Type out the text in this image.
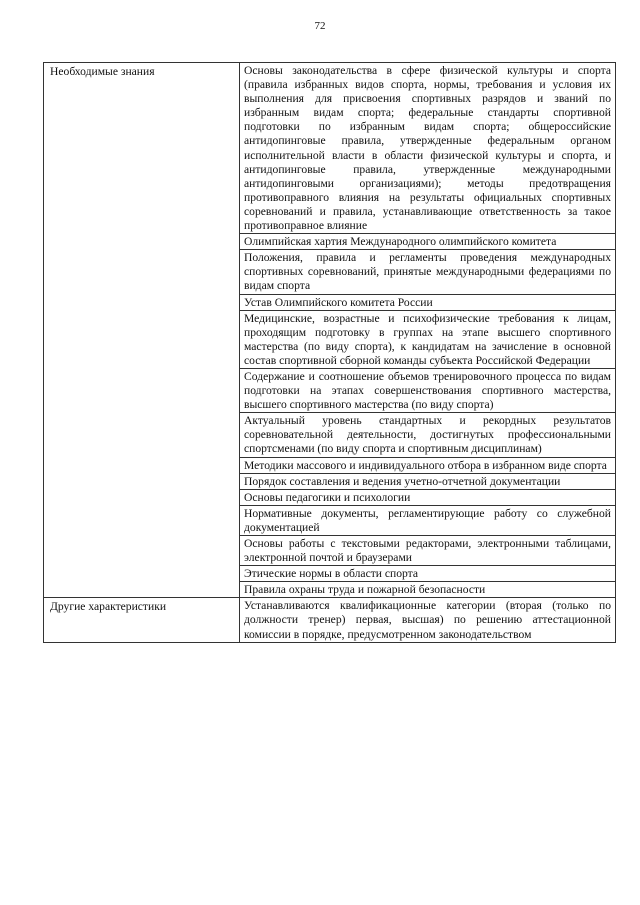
72
Необходимые знания	Основы законодательства в сфере физической культуры и спорта (правила избранных видов спорта, нормы, требования и условия их выполнения для присвоения спортивных разрядов и званий по избранным видам спорта; федеральные стандарты спортивной подготовки по избранным видам спорта; общероссийские антидопинговые правила, утвержденные федеральным органом исполнительной власти в области физической культуры и спорта, и антидопинговые правила, утвержденные международными антидопинговыми организациями); методы предотвращения противоправного влияния на результаты официальных спортивных соревнований и правила, устанавливающие ответственность за такое противоправное влияние
	Олимпийская хартия Международного олимпийского комитета
	Положения, правила и регламенты проведения международных спортивных соревнований, принятые международными федерациями по видам спорта
	Устав Олимпийского комитета России
	Медицинские, возрастные и психофизические требования к лицам, проходящим подготовку в группах на этапе высшего спортивного мастерства (по виду спорта), к кандидатам на зачисление в основной состав спортивной сборной команды субъекта Российской Федерации
	Содержание и соотношение объемов тренировочного процесса по видам подготовки на этапах совершенствования спортивного мастерства, высшего спортивного мастерства (по виду спорта)
	Актуальный уровень стандартных и рекордных результатов соревновательной деятельности, достигнутых профессиональными спортсменами (по виду спорта и спортивным дисциплинам)
	Методики массового и индивидуального отбора в избранном виде спорта
	Порядок составления и ведения учетно-отчетной документации
	Основы педагогики и психологии
	Нормативные документы, регламентирующие работу со служебной документацией
	Основы работы с текстовыми редакторами, электронными таблицами, электронной почтой и браузерами
	Этические нормы в области спорта
	Правила охраны труда и пожарной безопасности
Другие характеристики	Устанавливаются квалификационные категории (вторая (только по должности тренер) первая, высшая) по решению аттестационной комиссии в порядке, предусмотренном законодательством
